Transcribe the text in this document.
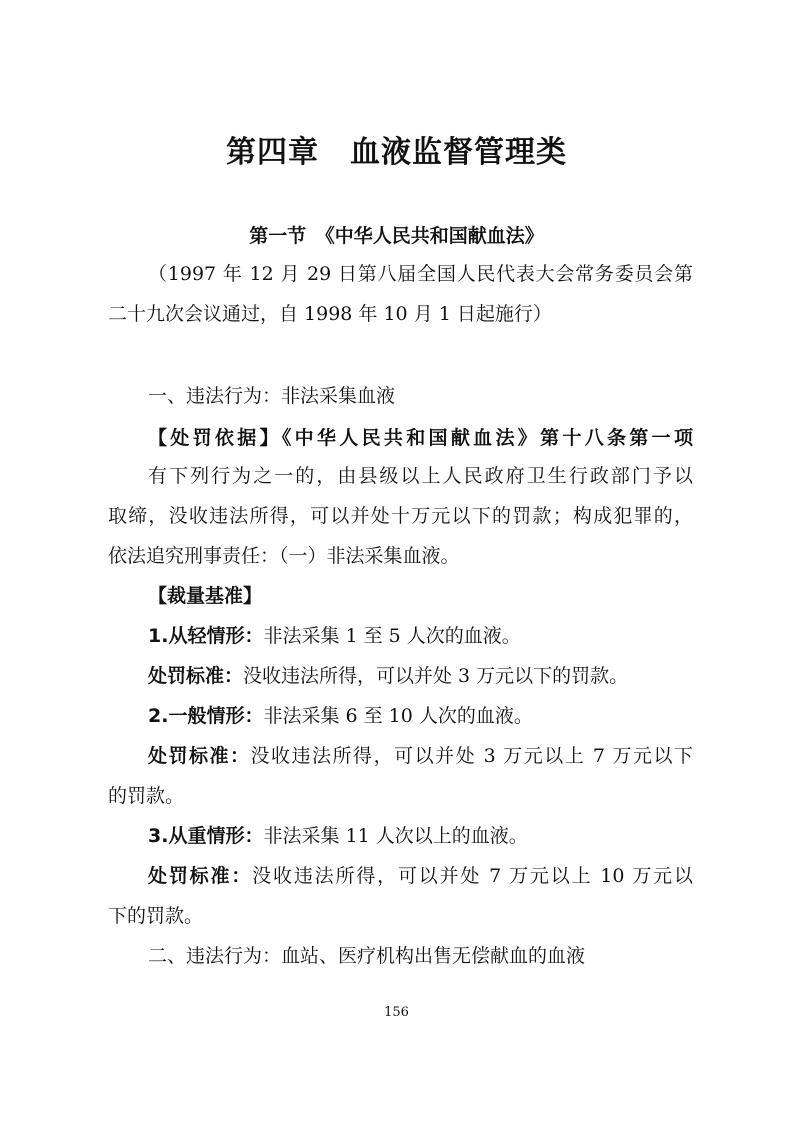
第四章　血液监督管理类
第一节　《中华人民共和国献血法》
（1997 年 12 月 29 日第八届全国人民代表大会常务委员会第
二十九次会议通过，自 1998 年 10 月 1 日起施行）
一、违法行为：非法采集血液
【处罚依据】《中华人民共和国献血法》第十八条第一项
有下列行为之一的，由县级以上人民政府卫生行政部门予以
取缔，没收违法所得，可以并处十万元以下的罚款；构成犯罪的，
依法追究刑事责任：（一）非法采集血液。
【裁量基准】
1.从轻情形：非法采集 1 至 5 人次的血液。
处罚标准：没收违法所得，可以并处 3 万元以下的罚款。
2.一般情形：非法采集 6 至 10 人次的血液。
处罚标准：没收违法所得，可以并处 3 万元以上 7 万元以下
的罚款。
3.从重情形：非法采集 11 人次以上的血液。
处罚标准：没收违法所得，可以并处 7 万元以上 10 万元以
下的罚款。
二、违法行为：血站、医疗机构出售无偿献血的血液
156
